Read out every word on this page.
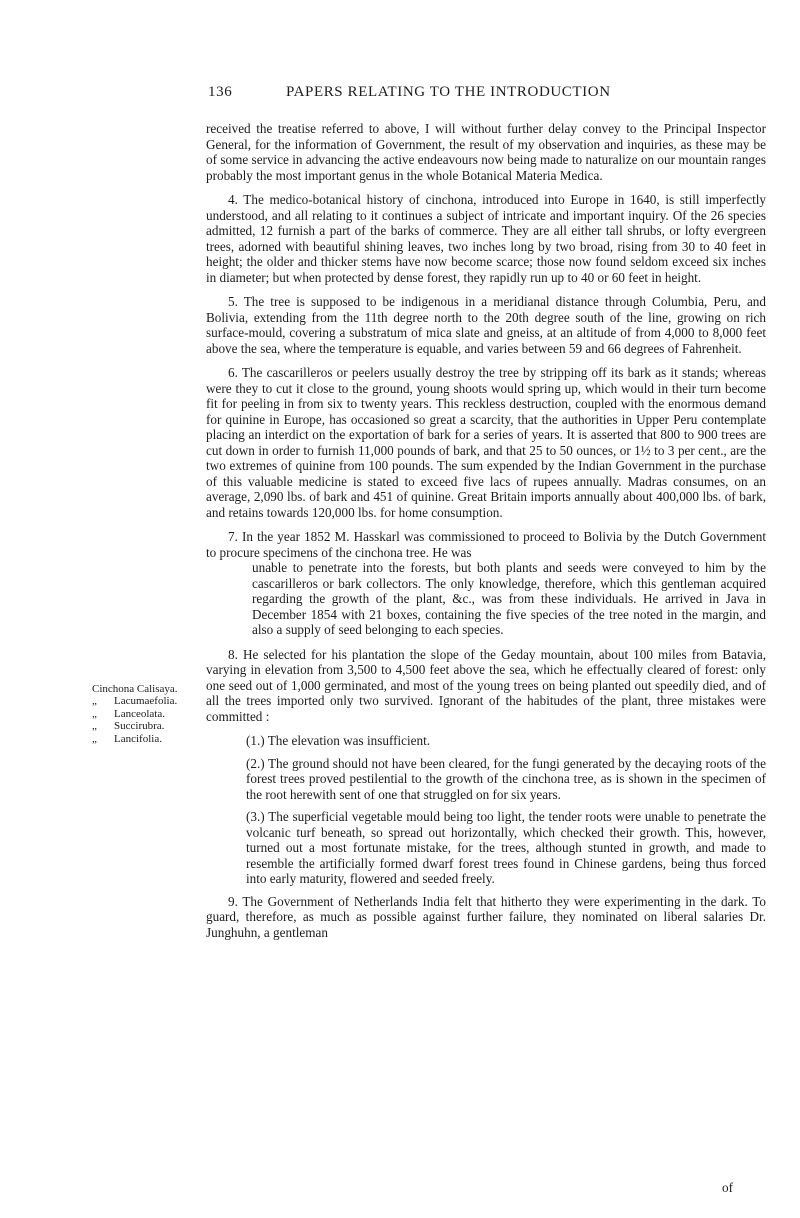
136	PAPERS RELATING TO THE INTRODUCTION

received the treatise referred to above, I will without further delay convey to the Principal Inspector General, for the information of Government, the result of my observation and inquiries, as these may be of some service in advancing the active endeavours now being made to naturalize on our mountain ranges probably the most important genus in the whole Botanical Materia Medica.

4. The medico-botanical history of cinchona, introduced into Europe in 1640, is still imperfectly understood, and all relating to it continues a subject of intricate and important inquiry. Of the 26 species admitted, 12 furnish a part of the barks of commerce. They are all either tall shrubs, or lofty evergreen trees, adorned with beautiful shining leaves, two inches long by two broad, rising from 30 to 40 feet in height; the older and thicker stems have now become scarce; those now found seldom exceed six inches in diameter; but when protected by dense forest, they rapidly run up to 40 or 60 feet in height.

5. The tree is supposed to be indigenous in a meridianal distance through Columbia, Peru, and Bolivia, extending from the 11th degree north to the 20th degree south of the line, growing on rich surface-mould, covering a substratum of mica slate and gneiss, at an altitude of from 4,000 to 8,000 feet above the sea, where the temperature is equable, and varies between 59 and 66 degrees of Fahrenheit.

6. The cascarilleros or peelers usually destroy the tree by stripping off its bark as it stands; whereas were they to cut it close to the ground, young shoots would spring up, which would in their turn become fit for peeling in from six to twenty years. This reckless destruction, coupled with the enormous demand for quinine in Europe, has occasioned so great a scarcity, that the authorities in Upper Peru contemplate placing an interdict on the exportation of bark for a series of years. It is asserted that 800 to 900 trees are cut down in order to furnish 11,000 pounds of bark, and that 25 to 50 ounces, or 1½ to 3 per cent., are the two extremes of quinine from 100 pounds. The sum expended by the Indian Government in the purchase of this valuable medicine is stated to exceed five lacs of rupees annually. Madras consumes, on an average, 2,090 lbs. of bark and 451 of quinine. Great Britain imports annually about 400,000 lbs. of bark, and retains towards 120,000 lbs. for home consumption.

7. In the year 1852 M. Hasskarl was commissioned to proceed to Bolivia by the Dutch Government to procure specimens of the cinchona tree. He was

unable to penetrate into the forests, but both plants and seeds were conveyed to him by the cascarilleros or bark collectors. The only knowledge, therefore, which this gentleman acquired regarding the growth of the plant, &c., was from these individuals. He arrived in Java in December 1854 with 21 boxes, containing the five species of the tree noted in the margin, and also a supply of seed belonging to each species.

8. He selected for his plantation the slope of the Geday mountain, about 100 miles from Batavia, varying in elevation from 3,500 to 4,500 feet above the sea, which he effectually cleared of forest: only one seed out of 1,000 germinated, and most of the young trees on being planted out speedily died, and of all the trees imported only two survived. Ignorant of the habitudes of the plant, three mistakes were committed :

(1.) The elevation was insufficient.

(2.) The ground should not have been cleared, for the fungi generated by the decaying roots of the forest trees proved pestilential to the growth of the cinchona tree, as is shown in the specimen of the root herewith sent of one that struggled on for six years.

(3.) The superficial vegetable mould being too light, the tender roots were unable to penetrate the volcanic turf beneath, so spread out horizontally, which checked their growth. This, however, turned out a most fortunate mistake, for the trees, although stunted in growth, and made to resemble the artificially formed dwarf forest trees found in Chinese gardens, being thus forced into early maturity, flowered and seeded freely.

9. The Government of Netherlands India felt that hitherto they were experimenting in the dark. To guard, therefore, as much as possible against further failure, they nominated on liberal salaries Dr. Junghuhn, a gentleman

Cinchona Calisaya.
„ Lacumaefolia.
„ Lanceolata.
„ Succirubra.
„ Lancifolia.
of
